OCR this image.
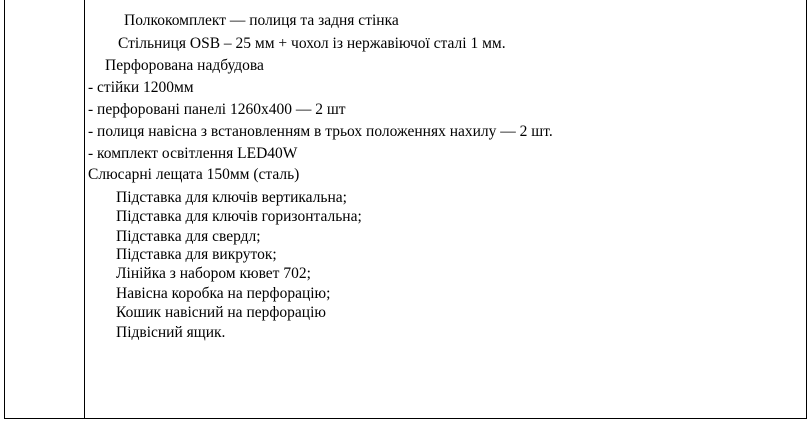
Полкокомплект — полиця та задня стінка
Стільниця OSB – 25 мм + чохол із нержавіючої сталі 1 мм.
Перфорована надбудова
- стійки 1200мм
- перфоровані панелі 1260х400 — 2 шт
- полиця навісна з встановленням в трьох положеннях нахилу — 2 шт.
- комплект освітлення LED40W
Слюсарні лещата 150мм (сталь)
Підставка для ключів вертикальна;
Підставка для ключів горизонтальна;
Підставка для свердл;
Підставка для викруток;
Лінійка з набором кювет 702;
Навісна коробка на перфорацію;
Кошик навісний на перфорацію
Підвісний ящик.
